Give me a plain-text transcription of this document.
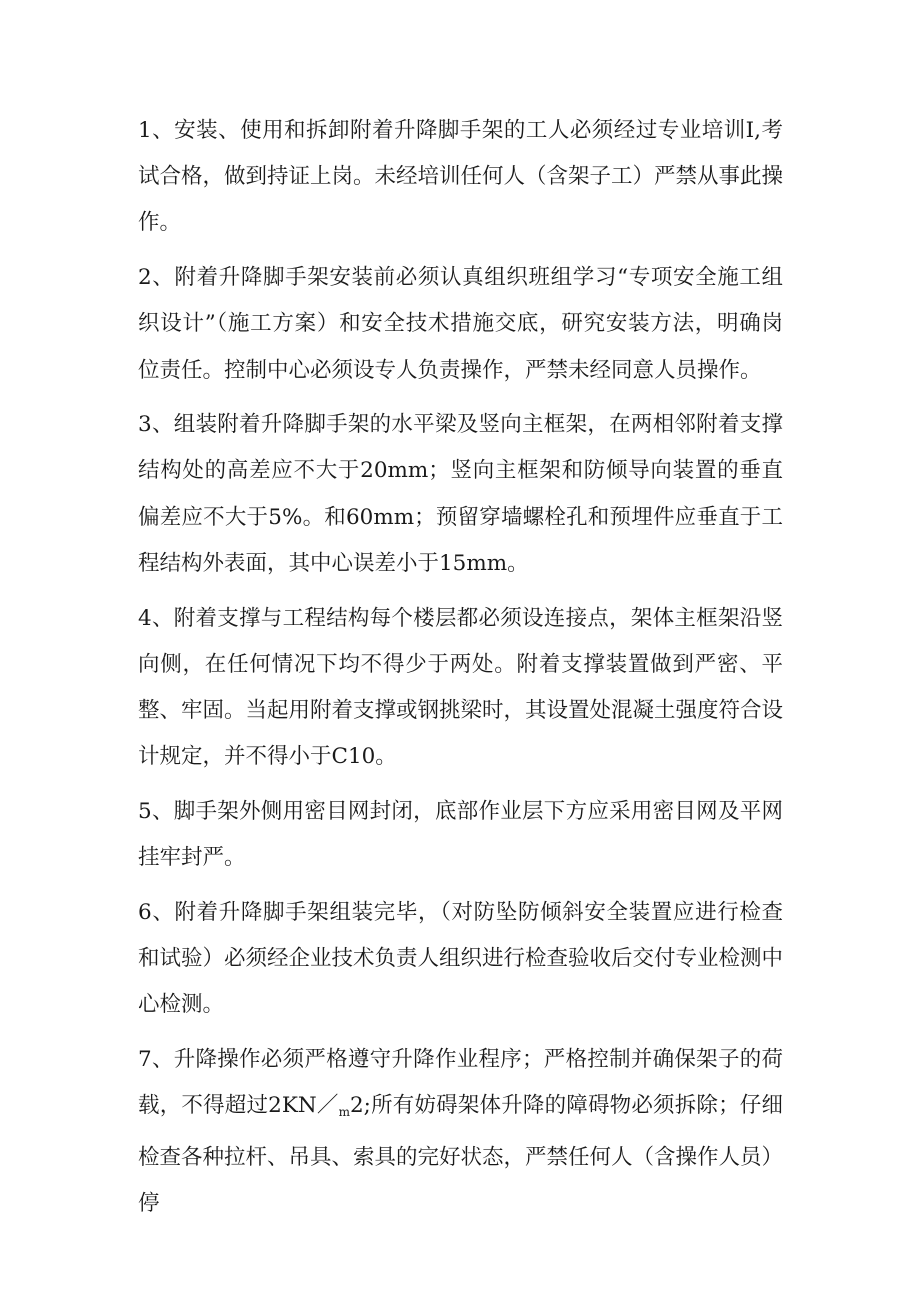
1、安装、使用和拆卸附着升降脚手架的工人必须经过专业培训I,考试合格，做到持证上岗。未经培训任何人（含架子工）严禁从事此操作。

2、附着升降脚手架安装前必须认真组织班组学习“专项安全施工组织设计”（施工方案）和安全技术措施交底，研究安装方法，明确岗位责任。控制中心必须设专人负责操作，严禁未经同意人员操作。

3、组装附着升降脚手架的水平梁及竖向主框架，在两相邻附着支撑结构处的高差应不大于20mm；竖向主框架和防倾导向装置的垂直偏差应不大于5%。和60mm；预留穿墙螺栓孔和预埋件应垂直于工程结构外表面，其中心误差小于15mm。

4、附着支撑与工程结构每个楼层都必须设连接点，架体主框架沿竖向侧，在任何情况下均不得少于两处。附着支撑装置做到严密、平整、牢固。当起用附着支撑或钢挑梁时，其设置处混凝土强度符合设计规定，并不得小于C10。

5、脚手架外侧用密目网封闭，底部作业层下方应采用密目网及平网挂牢封严。

6、附着升降脚手架组装完毕，（对防坠防倾斜安全装置应进行检查和试验）必须经企业技术负责人组织进行检查验收后交付专业检测中心检测。

7、升降操作必须严格遵守升降作业程序；严格控制并确保架子的荷载，不得超过$2KN/_m2$;所有妨碍架体升降的障碍物必须拆除；仔细检查各种拉杆、吊具、索具的完好状态，严禁任何人（含操作人员）停
